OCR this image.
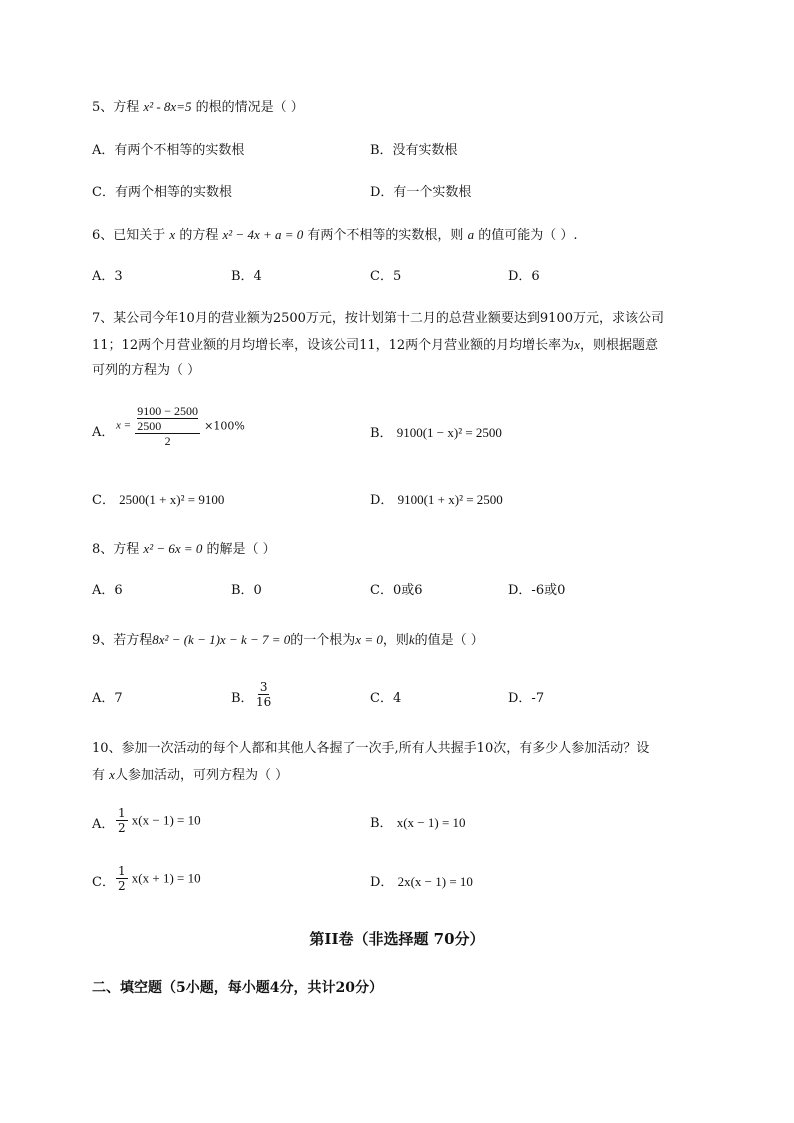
5、方程 x² - 8x=5 的根的情况是（ ）
A．有两个不相等的实数根	B．没有实数根
C．有两个相等的实数根	D．有一个实数根
6、已知关于 x 的方程 x² − 4x + a = 0 有两个不相等的实数根，则 a 的值可能为（ ）.
A．3	B．4	C．5	D．6
7、某公司今年10月的营业额为2500万元，按计划第十二月的总营业额要达到9100万元，求该公司
11；12两个月营业额的月均增长率，设该公司11，12两个月营业额的月均增长率为x，则根据题意
可列的方程为（ ）
A． x = 9100 − 2500
2500
2 ×100%	B． 9100(1 − x)² = 2500
C． 2500(1 + x)² = 9100	D． 9100(1 + x)² = 2500
8、方程 x² − 6x = 0 的解是（ ）
A．6	B．0	C．0或6	D．-6或0
9、若方程8x² − (k − 1)x − k − 7 = 0的一个根为x = 0，则k的值是（ ）
A．7	B． $\frac{3}{16}$	C．4	D．-7
10、参加一次活动的每个人都和其他人各握了一次手,所有人共握手10次，有多少人参加活动？设
有 x人参加活动，可列方程为（ ）
A． $\frac{1}{2} x(x - 1) = 10$	B． x(x − 1) = 10
C． $\frac{1}{2} x(x + 1) = 10$	D． 2x(x − 1) = 10
第II卷（非选择题 70分）
二、填空题（5小题，每小题4分，共计20分）
